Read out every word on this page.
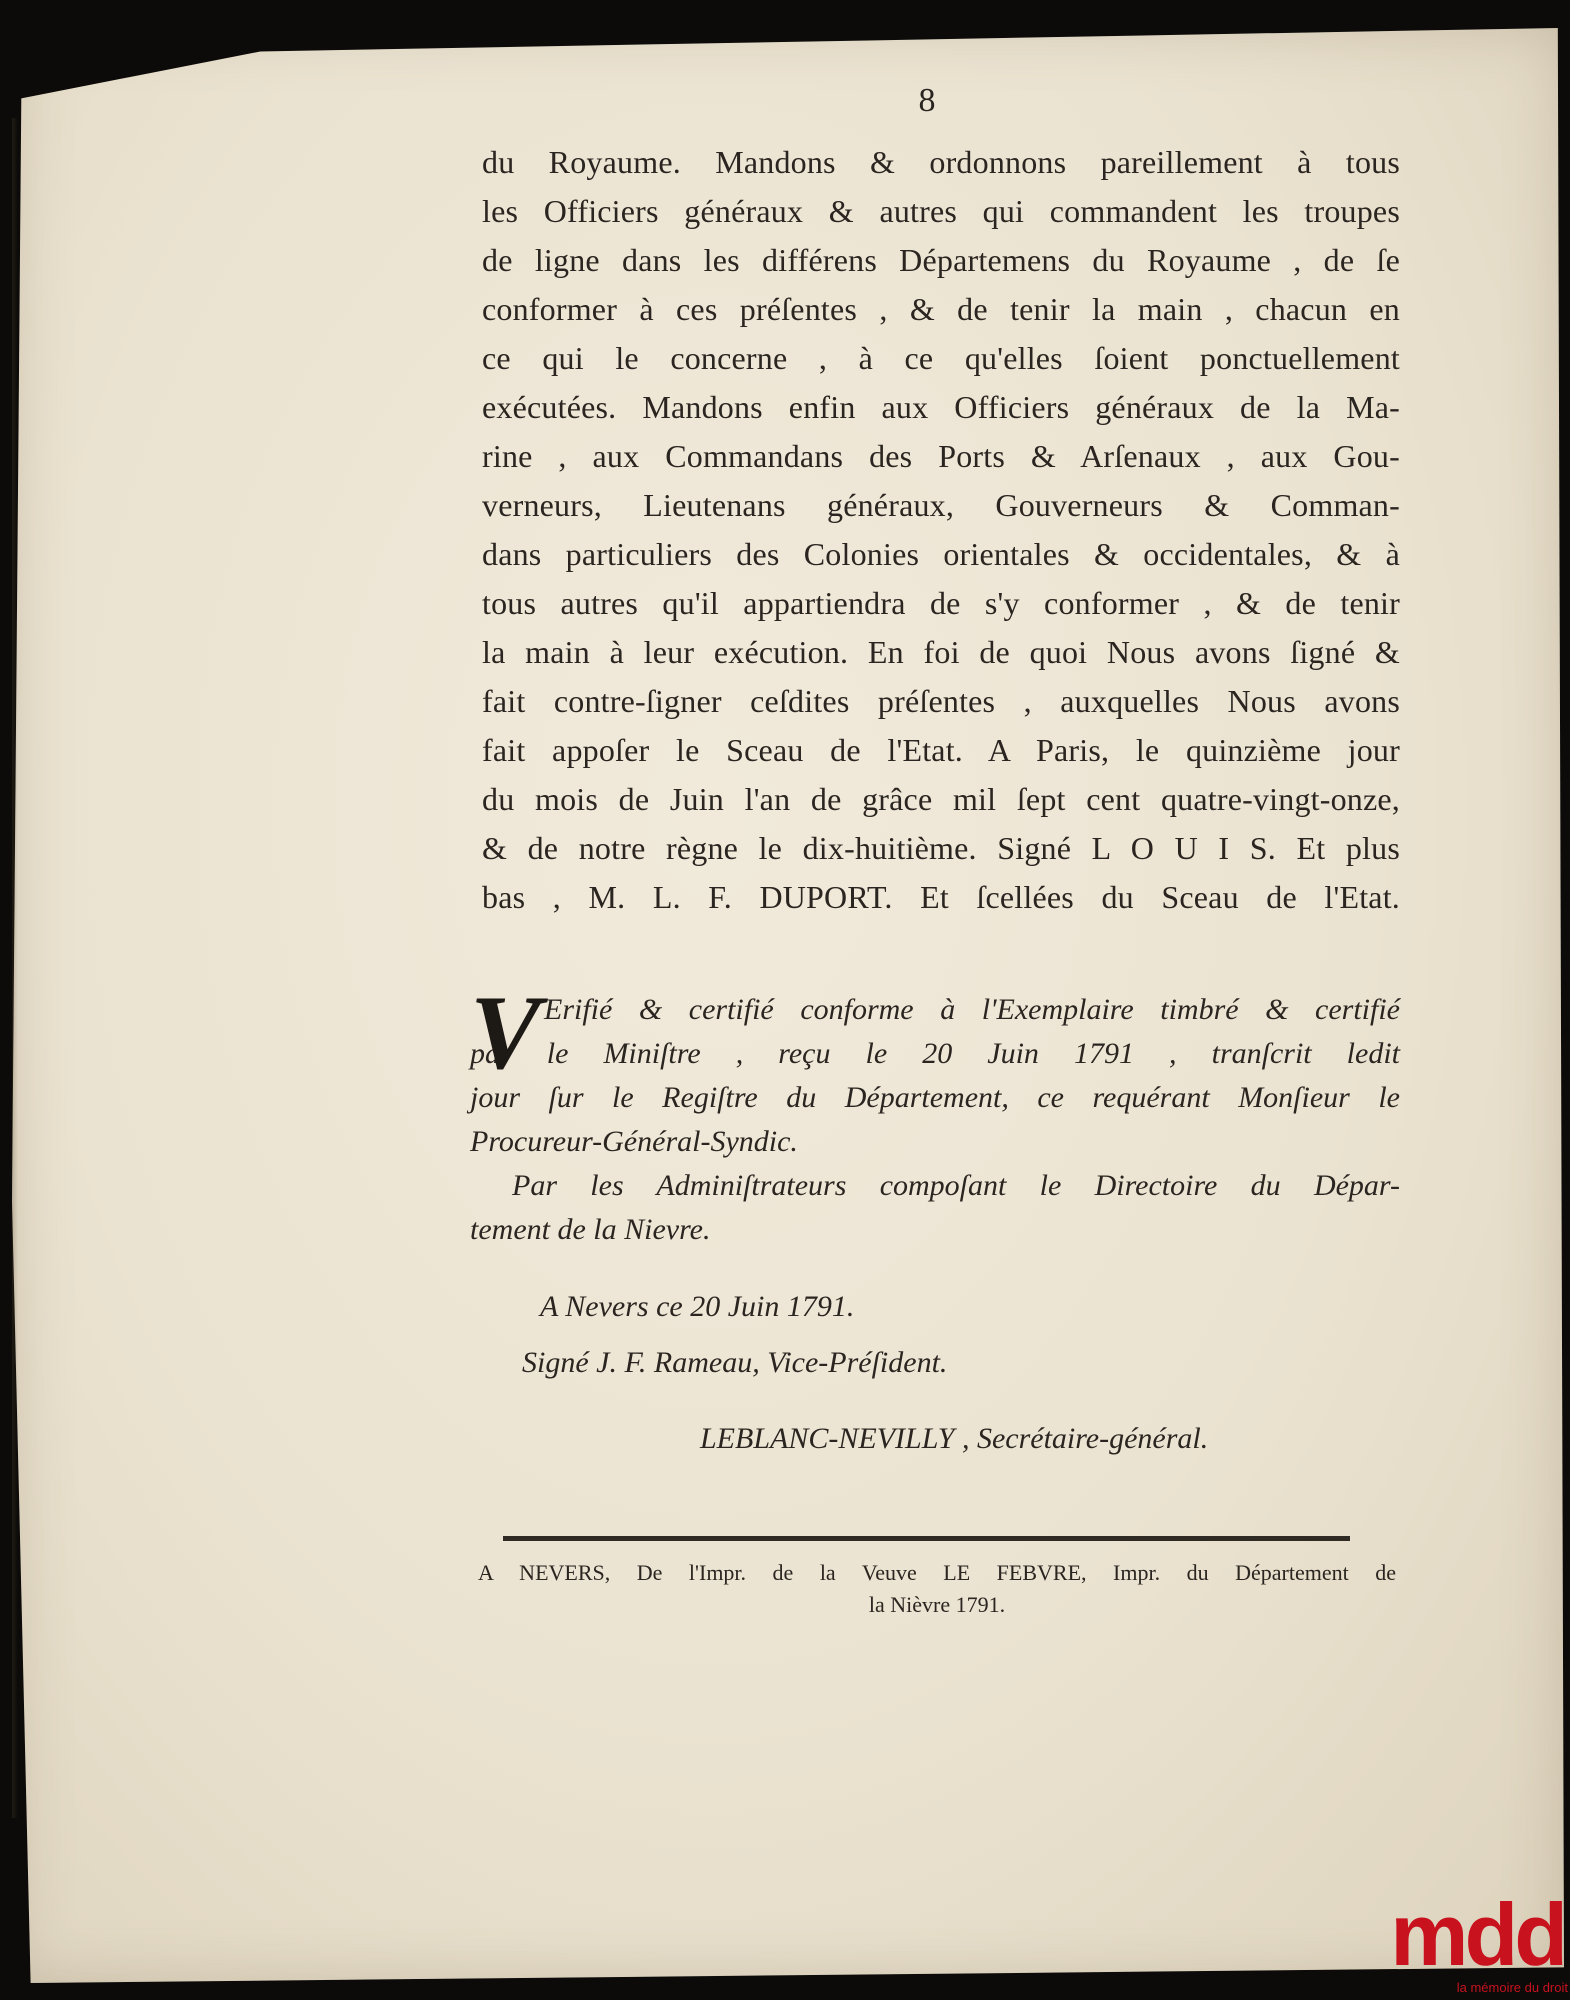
8
du Royaume. Mandons & ordonnons pareillement à tous
les Officiers généraux & autres qui commandent les troupes
de ligne dans les différens Départemens du Royaume , de ſe
conformer à ces préſentes , & de tenir la main , chacun en
ce qui le concerne , à ce qu'elles ſoient ponctuellement
exécutées. Mandons enfin aux Officiers généraux de la Ma-
rine , aux Commandans des Ports & Arſenaux , aux Gou-
verneurs, Lieutenans généraux, Gouverneurs & Comman-
dans particuliers des Colonies orientales & occidentales, & à
tous autres qu'il appartiendra de s'y conformer , & de tenir
la main à leur exécution. En foi de quoi Nous avons ſigné &
fait contre-ſigner ceſdites préſentes , auxquelles Nous avons
fait appoſer le Sceau de l'Etat. A Paris, le quinzième jour
du mois de Juin l'an de grâce mil ſept cent quatre-vingt-onze,
& de notre règne le dix-huitième. Signé L O U I S. Et plus
bas , M. L. F. DUPORT. Et ſcellées du Sceau de l'Etat.
V Erifié & certifié conforme à l'Exemplaire timbré & certifié
par le Miniſtre , reçu le 20 Juin 1791 , tranſcrit ledit
jour ſur le Regiſtre du Département, ce requérant Monſieur le
Procureur-Général-Syndic.
Par les Adminiſtrateurs compoſant le Directoire du Dépar-
tement de la Nievre.
A Nevers ce 20 Juin 1791.
Signé J. F. Rameau, Vice-Préſident.
LEBLANC-NEVILLY , Secrétaire-général.
A NEVERS, De l'Impr. de la Veuve LE FEBVRE, Impr. du Département de
la Nièvre 1791.
mdd
la mémoire du droit
